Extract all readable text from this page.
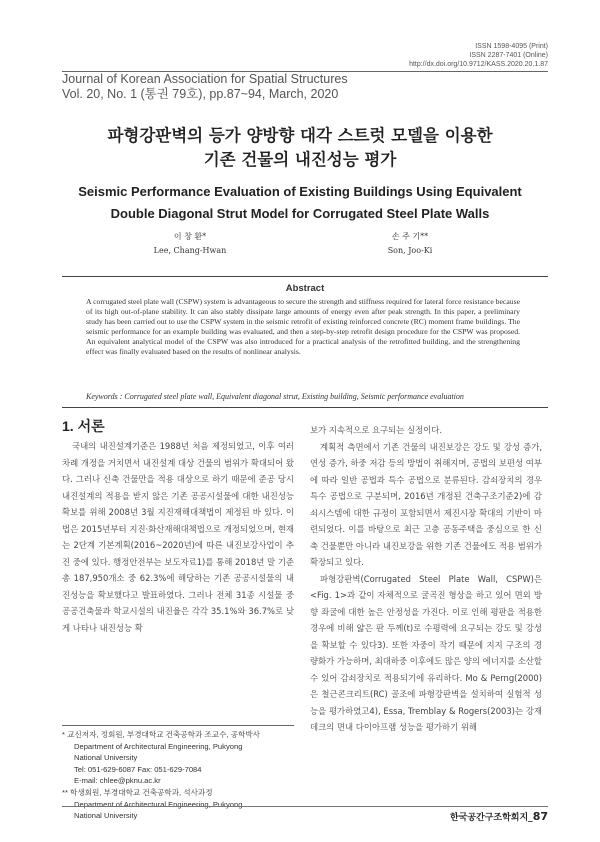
ISSN 1598-4095 (Print)
ISSN 2287-7401 (Online)
http://dx.doi.org/10.9712/KASS.2020.20.1.87
Journal of Korean Association for Spatial Structures
Vol. 20, No. 1 (통권 79호), pp.87~94, March, 2020
파형강판벽의 등가 양방향 대각 스트럿 모델을 이용한
기존 건물의 내진성능 평가
Seismic Performance Evaluation of Existing Buildings Using Equivalent
Double Diagonal Strut Model for Corrugated Steel Plate Walls
이 창 환*
Lee, Chang-Hwan
손 주 기**
Son, Joo-Ki
Abstract
A corrugated steel plate wall (CSPW) system is advantageous to secure the strength and stiffness required for lateral force resistance because of its high out-of-plane stability. It can also stably dissipate large amounts of energy even after peak strength. In this paper, a preliminary study has been carried out to use the CSPW system in the seismic retrofit of existing reinforced concrete (RC) moment frame buildings. The seismic performance for an example building was evaluated, and then a step-by-step retrofit design procedure for the CSPW was proposed. An equivalent analytical model of the CSPW was also introduced for a practical analysis of the retrofitted building, and the strengthening effect was finally evaluated based on the results of nonlinear analysis.
Keywords : Corrugated steel plate wall, Equivalent diagonal strut, Existing building, Seismic performance evaluation
1. 서론

국내의 내진설계기준은 1988년 처음 제정되었고, 이후 여러 차례 개정을 거치면서 내진설계 대상 건물의 범위가 확대되어 왔다. 그러나 신축 건물만을 적용 대상으로 하기 때문에 준공 당시 내진설계의 적용을 받지 않은 기존 공공시설물에 대한 내진성능 확보를 위해 2008년 3월 지진재해대책법이 제정된 바 있다. 이 법은 2015년부터 지진·화산재해대책법으로 개정되었으며, 현재는 2단계 기본계획(2016~2020년)에 따른 내진보강사업이 추진 중에 있다. 행정안전부는 보도자료1)를 통해 2018년 말 기준 총 187,950개소 중 62.3%에 해당하는 기존 공공시설물의 내진성능을 확보했다고 발표하였다. 그러나 전체 31종 시설물 중 공공건축물과 학교시설의 내진율은 각각 35.1%와 36.7%로 낮게 나타나 내진성능 확

보가 지속적으로 요구되는 실정이다.

계획적 측면에서 기존 건물의 내진보강은 강도 및 강성 증가, 연성 증가, 하중 저감 등의 방법이 취해지며, 공법의 보편성 여부에 따라 일반 공법과 특수 공법으로 분류된다. 감쇠장치의 경우 특수 공법으로 구분되며, 2016년 개정된 건축구조기준2)에 감쇠시스템에 대한 규정이 포함되면서 제진시장 확대의 기반이 마련되었다. 이를 바탕으로 최근 고층 공동주택을 중심으로 한 신축 건물뿐만 아니라 내진보강을 위한 기존 건물에도 적용 범위가 확장되고 있다.

파형강판벽(Corrugated Steel Plate Wall, CSPW)은 <Fig. 1>과 같이 자체적으로 굴곡진 형상을 하고 있어 면외 방향 좌굴에 대한 높은 안정성을 가진다. 이로 인해 평판을 적용한 경우에 비해 얇은 판 두께(t)로 수평력에 요구되는 강도 및 강성을 확보할 수 있다3). 또한 자중이 작기 때문에 지지 구조의 경량화가 가능하며, 최대하중 이후에도 많은 양의 에너지를 소산할 수 있어 감쇠장치로 적용되기에 유리하다. Mo & Perng(2000)은 철근콘크리트(RC) 골조에 파형강판벽을 설치하여 실험적 성능을 평가하였고4), Essa, Tremblay & Rogers(2003)는 강재 데크의 면내 다이아프램 성능을 평가하기 위해

* 교신저자, 정회원, 부경대학교 건축공학과 조교수, 공학박사
Department of Architectural Engineering, Pukyong
National University
Tel: 051-629-6087 Fax: 051-629-7084
E-mail: chlee@pknu.ac.kr
** 학생회원, 부경대학교 건축공학과, 석사과정
Department of Architectural Engineering, Pukyong
National University	한국공간구조학회지_87
